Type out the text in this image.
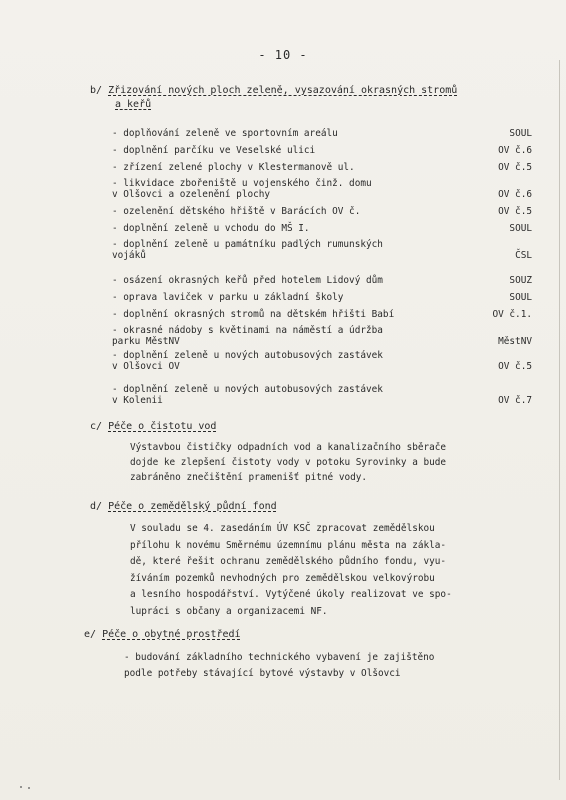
- 10 -
b/ Zřizování nových ploch zeleně, vysazování okrasných stromů
a keřů
- doplňování zeleně ve sportovním areálu	SOUL
- doplnění parčíku ve Veselské ulici	OV č.6
- zřízení zelené plochy v Klestermanově ul.	OV č.5
- likvidace zbořeniště u vojenského činž. domu
v Olšovci a ozelenění plochy	OV č.6
- ozelenění dětského hřiště v Barácích OV č.	OV č.5
- doplnění zeleně u vchodu do MŠ I.	SOUL
- doplnění zeleně u památníku padlých rumunských
vojáků	ČSL
- osázení okrasných keřů před hotelem Lidový dům	SOUZ
- oprava laviček v parku u základní školy	SOUL
- doplnění okrasných stromů na dětském hřišti Babí	OV č.1.
- okrasné nádoby s květinami na náměstí a údržba
parku MěstNV	MěstNV
- doplnění zeleně u nových autobusových zastávek
v Olšovci OV	OV č.5
- doplnění zeleně u nových autobusových zastávek
v Kolenii	OV č.7
c/ Péče o čistotu vod
Výstavbou čističky odpadních vod a kanalizačního sběrače
dojde ke zlepšení čistoty vody v potoku Syrovinky a bude
zabráněno znečištění pramenišť pitné vody.
d/ Péče o zemědělský půdní fond
V souladu se 4. zasedáním ÚV KSČ zpracovat zemědělskou
přílohu k novému Směrnému územnímu plánu města na zákla-
dě, které řešit ochranu zemědělského půdního fondu, vyu-
žíváním pozemků nevhodných pro zemědělskou velkovýrobu
a lesního hospodářství. Vytýčené úkoly realizovat ve spo-
lupráci s občany a organizacemi NF.
e/ Péče o obytné prostředí
- budování základního technického vybavení je zajištěno
podle potřeby stávající bytové výstavby v Olšovci
